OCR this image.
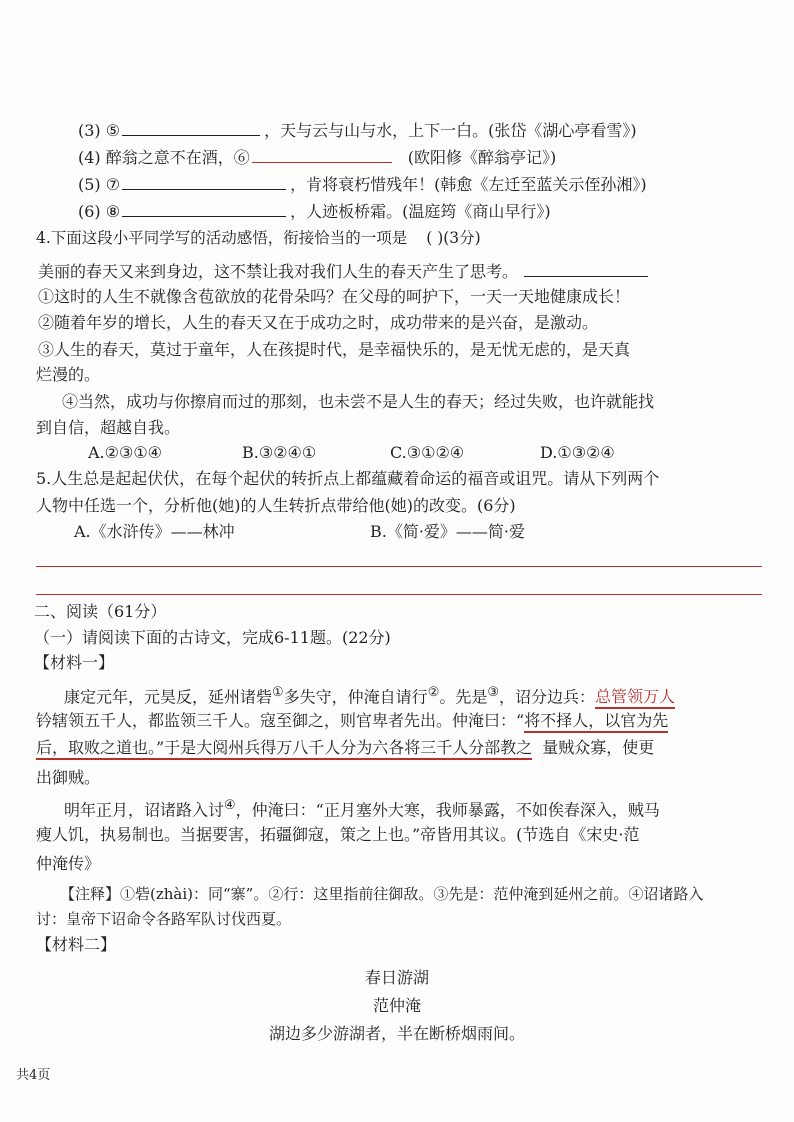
(3) ⑤	，天与云与山与水，上下一白。(张岱《湖心亭看雪》)
(4) 醉翁之意不在酒，⑥	(欧阳修《醉翁亭记》)
(5) ⑦	，肯将衰朽惜残年！(韩愈《左迁至蓝关示侄孙湘》)
(6) ⑧	，人迹板桥霜。(温庭筠《商山早行》)
4.下面这段小平同学写的活动感悟，衔接恰当的一项是 ( )(3分)
美丽的春天又来到身边，这不禁让我对我们人生的春天产生了思考。
①这时的人生不就像含苞欲放的花骨朵吗？在父母的呵护下，一天一天地健康成长！
②随着年岁的增长，人生的春天又在于成功之时，成功带来的是兴奋，是激动。
③人生的春天，莫过于童年，人在孩提时代，是幸福快乐的，是无忧无虑的，是天真
烂漫的。
④当然，成功与你擦肩而过的那刻，也未尝不是人生的春天；经过失败，也许就能找
到自信，超越自我。
A.②③①④	B.③②④①	C.③①②④	D.①③②④
5.人生总是起起伏伏，在每个起伏的转折点上都蕴藏着命运的福音或诅咒。请从下列两个
人物中任选一个，分析他(她)的人生转折点带给他(她)的改变。(6分)
A.《水浒传》——林冲	B.《简·爱》——简·爱
二、阅读（61分）
（一）请阅读下面的古诗文，完成6-11题。(22分)
【材料一】
康定元年，元昊反，延州诸砦①多失守，仲淹自请行②。先是③，诏分边兵：总管领万人
钤辖领五千人，都监领三千人。寇至御之，则官卑者先出。仲淹曰：“将不择人，以官为先
后，取败之道也。”于是大阅州兵得万八千人分为六各将三千人分部教之 量贼众寡，使更
出御贼。
明年正月，诏诸路入讨④，仲淹曰：“正月塞外大寒，我师暴露，不如俟春深入，贼马
瘦人饥，执易制也。当据要害，拓疆御寇，策之上也。”帝皆用其议。(节选自《宋史·范
仲淹传》
【注释】①砦(zhài)：同“寨”。②行：这里指前往御敌。③先是：范仲淹到延州之前。④诏诸路入
讨：皇帝下诏命令各路军队讨伐西夏。
【材料二】
春日游湖
范仲淹
湖边多少游湖者，半在断桥烟雨间。
共4页
